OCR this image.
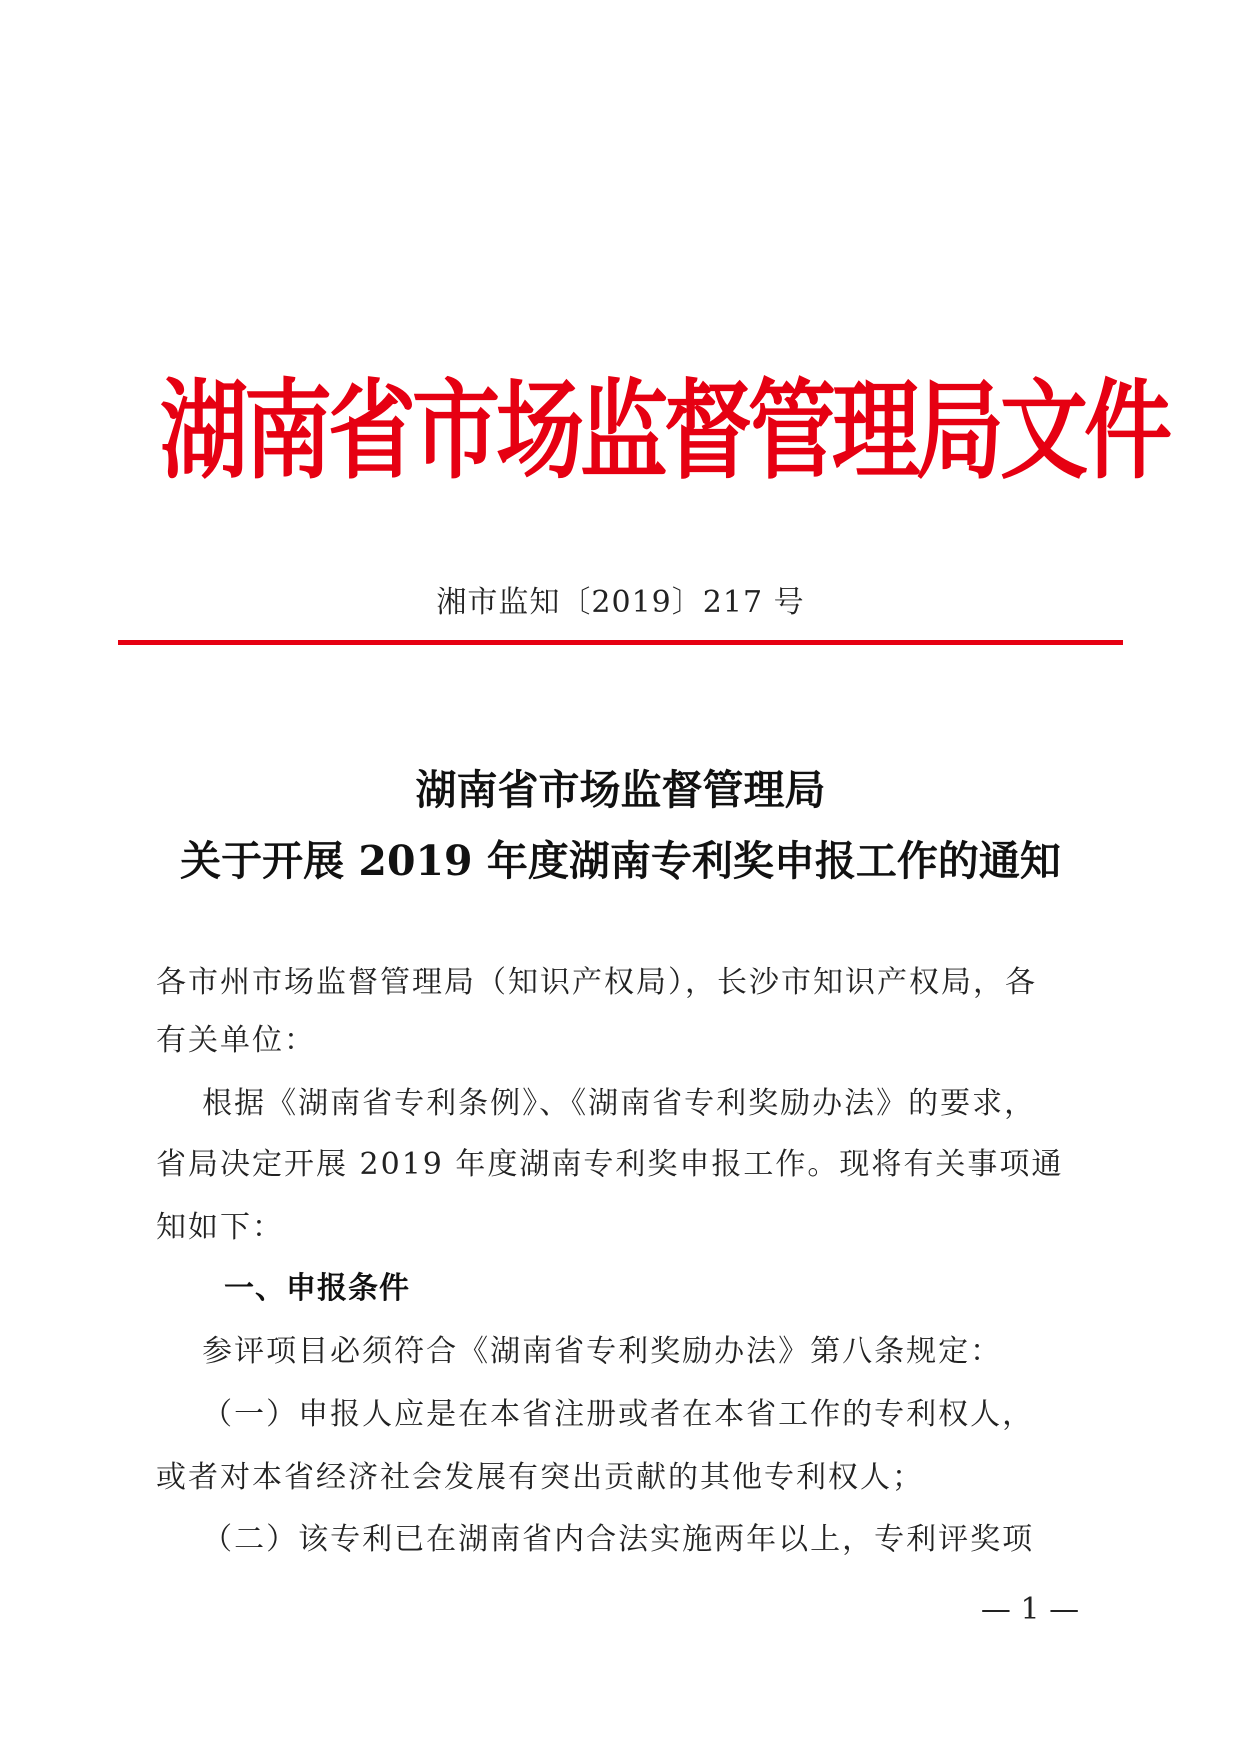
湖南省市场监督管理局文件
湘市监知〔2019〕217 号
湖南省市场监督管理局
关于开展 2019 年度湖南专利奖申报工作的通知
各市州市场监督管理局（知识产权局），长沙市知识产权局，各
有关单位：
根据《湖南省专利条例》、《湖南省专利奖励办法》的要求，
省局决定开展 2019 年度湖南专利奖申报工作。现将有关事项通
知如下：
一、申报条件
参评项目必须符合《湖南省专利奖励办法》第八条规定：
（一）申报人应是在本省注册或者在本省工作的专利权人，
或者对本省经济社会发展有突出贡献的其他专利权人；
（二）该专利已在湖南省内合法实施两年以上，专利评奖项
— 1 —
